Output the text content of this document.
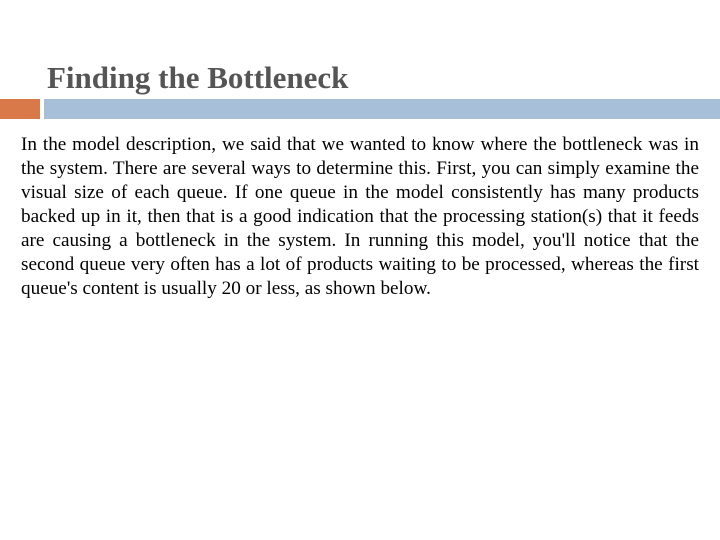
Finding the Bottleneck

In the model description, we said that we wanted to know where the bottleneck was in the system. There are several ways to determine this. First, you can simply examine the visual size of each queue. If one queue in the model consistently has many products backed up in it, then that is a good indication that the processing station(s) that it feeds are causing a bottleneck in the system. In running this model, you'll notice that the second queue very often has a lot of products waiting to be processed, whereas the first queue's content is usually 20 or less, as shown below.
